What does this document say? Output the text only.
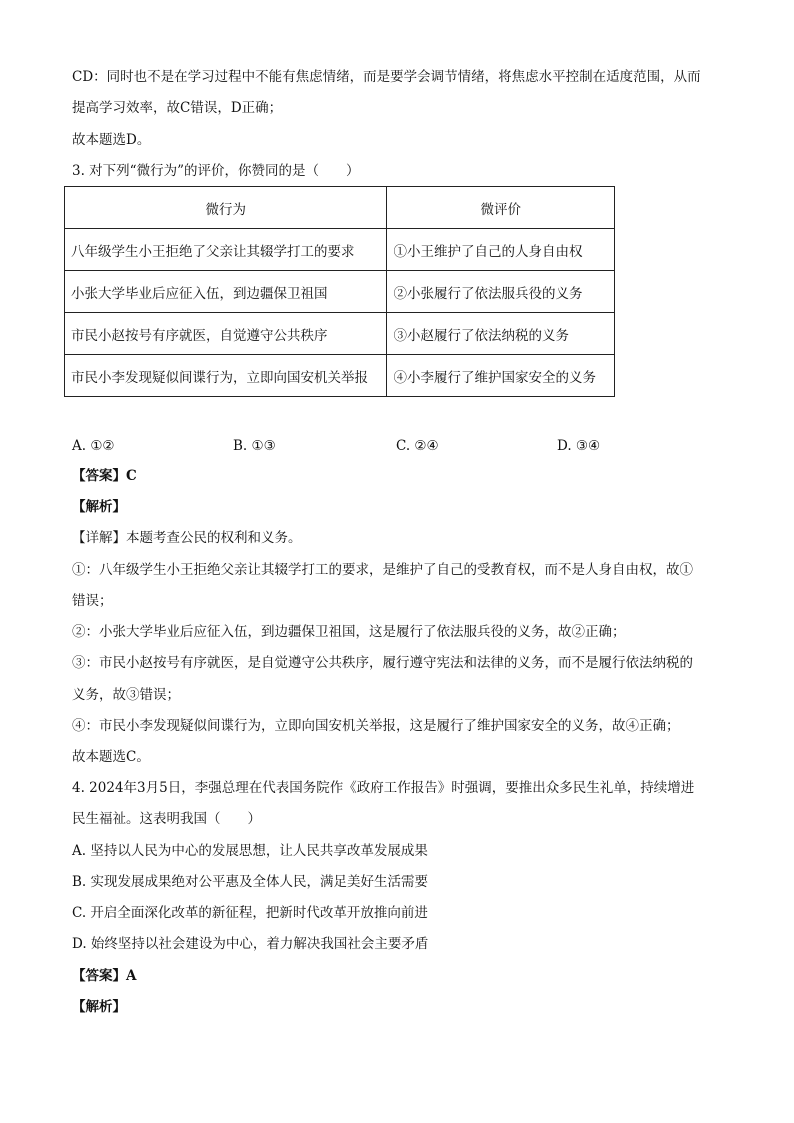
CD：同时也不是在学习过程中不能有焦虑情绪，而是要学会调节情绪，将焦虑水平控制在适度范围，从而
提高学习效率，故C错误，D正确；
故本题选D。
3. 对下列“微行为”的评价，你赞同的是（　　）
微行为	微评价
八年级学生小王拒绝了父亲让其辍学打工的要求	①小王维护了自己的人身自由权
小张大学毕业后应征入伍，到边疆保卫祖国	②小张履行了依法服兵役的义务
市民小赵按号有序就医，自觉遵守公共秩序	③小赵履行了依法纳税的义务
市民小李发现疑似间谍行为，立即向国安机关举报	④小李履行了维护国家安全的义务
A. ①②	B. ①③	C. ②④	D. ③④
【答案】C
【解析】
【详解】本题考查公民的权利和义务。
①：八年级学生小王拒绝父亲让其辍学打工的要求，是维护了自己的受教育权，而不是人身自由权，故①
错误；
②：小张大学毕业后应征入伍，到边疆保卫祖国，这是履行了依法服兵役的义务，故②正确；
③：市民小赵按号有序就医，是自觉遵守公共秩序，履行遵守宪法和法律的义务，而不是履行依法纳税的
义务，故③错误；
④：市民小李发现疑似间谍行为，立即向国安机关举报，这是履行了维护国家安全的义务，故④正确；
故本题选C。
4. 2024年3月5日，李强总理在代表国务院作《政府工作报告》时强调，要推出众多民生礼单，持续增进
民生福祉。这表明我国（　　）
A. 坚持以人民为中心的发展思想，让人民共享改革发展成果
B. 实现发展成果绝对公平惠及全体人民，满足美好生活需要
C. 开启全面深化改革的新征程，把新时代改革开放推向前进
D. 始终坚持以社会建设为中心，着力解决我国社会主要矛盾
【答案】A
【解析】
